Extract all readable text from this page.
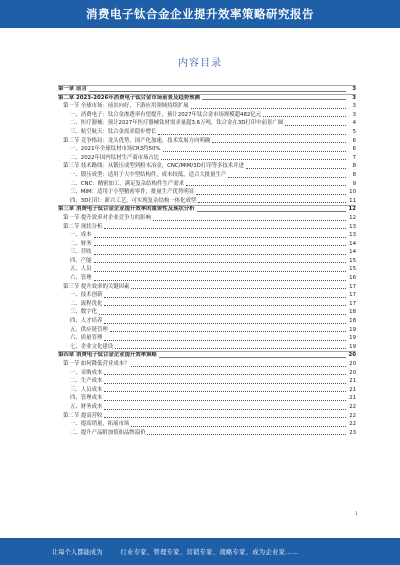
消费电子钛合金企业提升效率策略研究报告
内容目录
第一章 前言	3
第二章 2023-2026年消费电子钛合金市场前景及趋势预测	3
第一节 全球市场：前景向好，下游应用领域持续扩展	3
一、消费电子：钛合金渗透率有望提升，预计2027年钛合金市场规模超482亿元	3
二、医疗器械：预计2027年医疗器械钛材需求量超3.6万吨，钛合金在3D打印中前景广阔	4
三、航空航天：钛合金需求稳步增长	5
第二节 竞争格局：龙头优势，国产化加速，技术发展方向明确	6
一、2021年全球钛材市场CR3约50%	6
二、2022年国内钛材生产商市场占比	7
第三节 技术路线：从锻压成型到粉末冶金，CNC/MIM/3D打印等多技术并进	8
一、锻压成型：适用于大中型结构件，成本较低，适合大批量生产	8
二、CNC：精密加工，满足复杂结构件生产需求	9
三、MIM：适用于小型精密零件，批量生产优势明显	10
四、3D打印：新兴工艺，可实现复杂结构一体化成型	11
第三章 消费电子钛合金企业提升效率的重要性及现状分析	12
第一节 提升效率对企业竞争力的影响	12
第二节 现状分析	13
一、成本	13
二、财务	14
三、营收	14
四、产能	15
五、人员	15
六、管理	16
第三节 提升效率的关键因素	17
一、技术创新	17
二、流程优化	17
三、数字化	18
四、人才培养	18
五、供应链管理	19
六、质量管理	19
七、企业文化建设	19
第四章 消费电子钛合金企业提升效率策略	20
第一节 如何降低营业成本？	20
一、采购成本	20
二、生产成本	21
三、人员成本	21
四、管理成本	21
五、财务成本	22
第二节 提高营收	22
一、提高销量，拓展市场	22
二、提升产品附加值和品牌溢价	23
1
让每个人都能成为	行业专家、管理专家、营销专家、战略专家、成为企业家……
